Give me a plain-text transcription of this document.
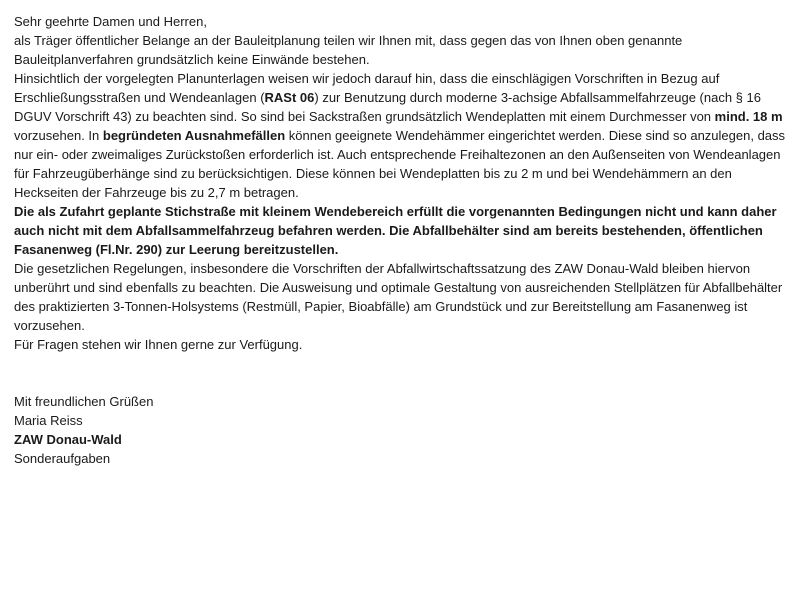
Sehr geehrte Damen und Herren,

als Träger öffentlicher Belange an der Bauleitplanung teilen wir Ihnen mit, dass gegen das von Ihnen oben genannte Bauleitplanverfahren grundsätzlich keine Einwände bestehen.

Hinsichtlich der vorgelegten Planunterlagen weisen wir jedoch darauf hin, dass die einschlägigen Vorschriften in Bezug auf Erschließungsstraßen und Wendeanlagen (RASt 06) zur Benutzung durch moderne 3-achsige Abfallsammelfahrzeuge (nach § 16 DGUV Vorschrift 43) zu beachten sind. So sind bei Sackstraßen grundsätzlich Wendeplatten mit einem Durchmesser von mind. 18 m vorzusehen. In begründeten Ausnahmefällen können geeignete Wendehämmer eingerichtet werden. Diese sind so anzulegen, dass nur ein- oder zweimaliges Zurückstoßen erforderlich ist. Auch entsprechende Freihaltezonen an den Außenseiten von Wendeanlagen für Fahrzeugüberhänge sind zu berücksichtigen. Diese können bei Wendeplatten bis zu 2 m und bei Wendehämmern an den Heckseiten der Fahrzeuge bis zu 2,7 m betragen.

Die als Zufahrt geplante Stichstraße mit kleinem Wendebereich erfüllt die vorgenannten Bedingungen nicht und kann daher auch nicht mit dem Abfallsammelfahrzeug befahren werden. Die Abfallbehälter sind am bereits bestehenden, öffentlichen Fasanenweg (Fl.Nr. 290) zur Leerung bereitzustellen.

Die gesetzlichen Regelungen, insbesondere die Vorschriften der Abfallwirtschaftssatzung des ZAW Donau-Wald bleiben hiervon unberührt und sind ebenfalls zu beachten. Die Ausweisung und optimale Gestaltung von ausreichenden Stellplätzen für Abfallbehälter des praktizierten 3-Tonnen-Holsystems (Restmüll, Papier, Bioabfälle) am Grundstück und zur Bereitstellung am Fasanenweg ist vorzusehen.

Für Fragen stehen wir Ihnen gerne zur Verfügung.

Mit freundlichen Grüßen

Maria Reiss

ZAW Donau-Wald

Sonderaufgaben
